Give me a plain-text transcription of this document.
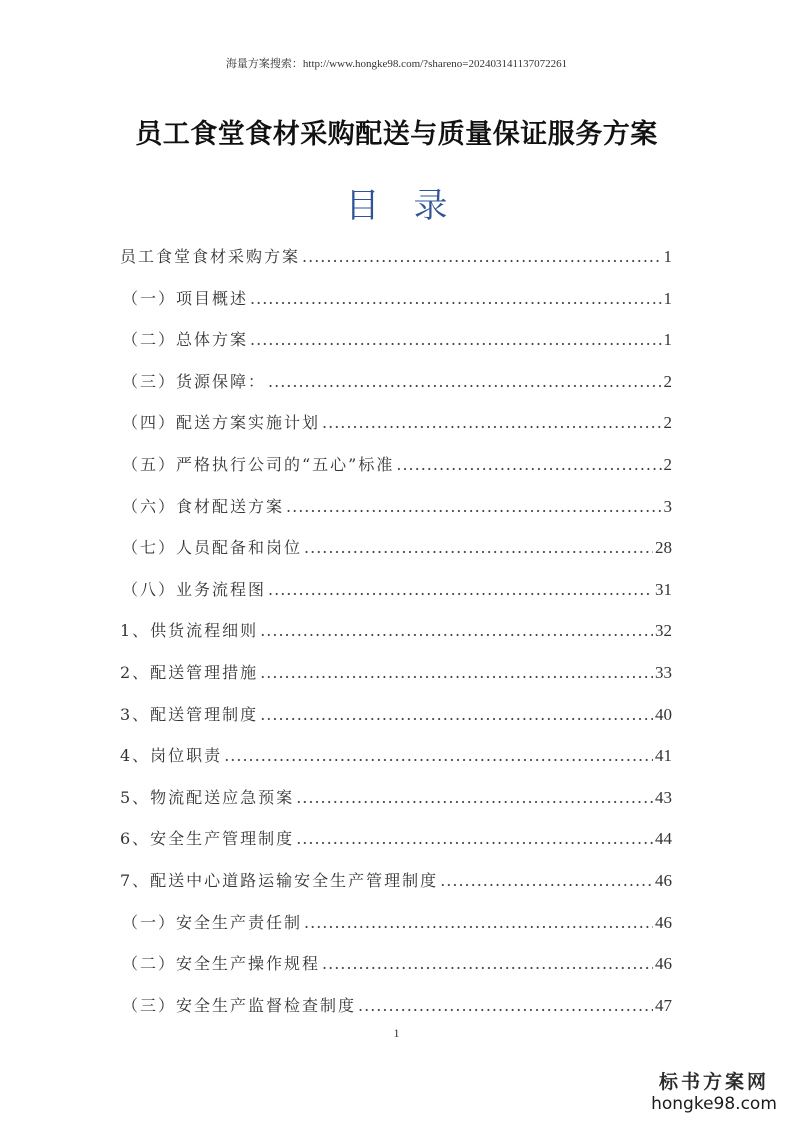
海量方案搜索：http://www.hongke98.com/?shareno=20240314113707226​1
员工食堂食材采购配送与质量保证服务方案
目录
员工食堂食材采购方案 .....	1
（一）项目概述 .....	1
（二）总体方案 .....	1
（三）货源保障： .....	2
（四）配送方案实施计划 .....	2
（五）严格执行公司的“五心”标准 .....	2
（六）食材配送方案 .....	3
（七）人员配备和岗位 .....	28
（八）业务流程图 .....	31
1、供货流程细则 .....	32
2、配送管理措施 .....	33
3、配送管理制度 .....	40
4、岗位职责 .....	41
5、物流配送应急预案 .....	43
6、安全生产管理制度 .....	44
7、配送中心道路运输安全生产管理制度 .....	46
（一）安全生产责任制 .....	46
（二）安全生产操作规程 .....	46
（三）安全生产监督检查制度 .....	47
1
标书方案网
hongke98.com
